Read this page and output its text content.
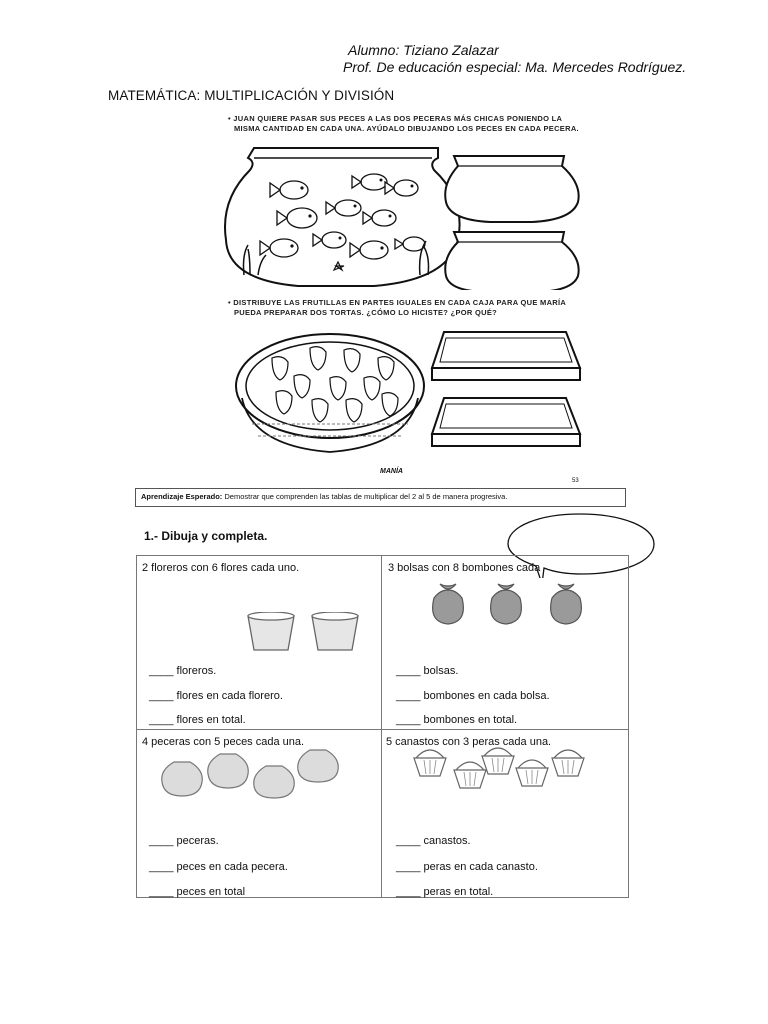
Alumno: Tiziano Zalazar
Prof. De educación especial: Ma. Mercedes Rodríguez.
MATEMÁTICA: MULTIPLICACIÓN Y DIVISIÓN
• JUAN QUIERE PASAR SUS PECES A LAS DOS PECERAS MÁS CHICAS PONIENDO LA
MISMA CANTIDAD EN CADA UNA. AYÚDALO DIBUJANDO LOS PECES EN CADA PECERA.
• DISTRIBUYE LAS FRUTILLAS EN PARTES IGUALES EN CADA CAJA PARA QUE MARÍA
PUEDA PREPARAR DOS TORTAS. ¿CÓMO LO HICISTE? ¿POR QUÉ?
MANÍA
53
Aprendizaje Esperado: Demostrar que comprenden las tablas de multiplicar del 2 al 5 de manera progresiva.
1.- Dibuja y completa.
2 floreros con 6 flores cada uno.
____ floreros.
____ flores en cada florero.
____ flores en total.
3 bolsas con 8 bombones cada
____ bolsas.
____ bombones en cada bolsa.
____ bombones en total.
4 peceras con 5 peces cada una.
____ peceras.
____ peces en cada pecera.
____ peces en total
5 canastos con 3 peras cada una.
____ canastos.
____ peras en cada canasto.
____ peras en total.
